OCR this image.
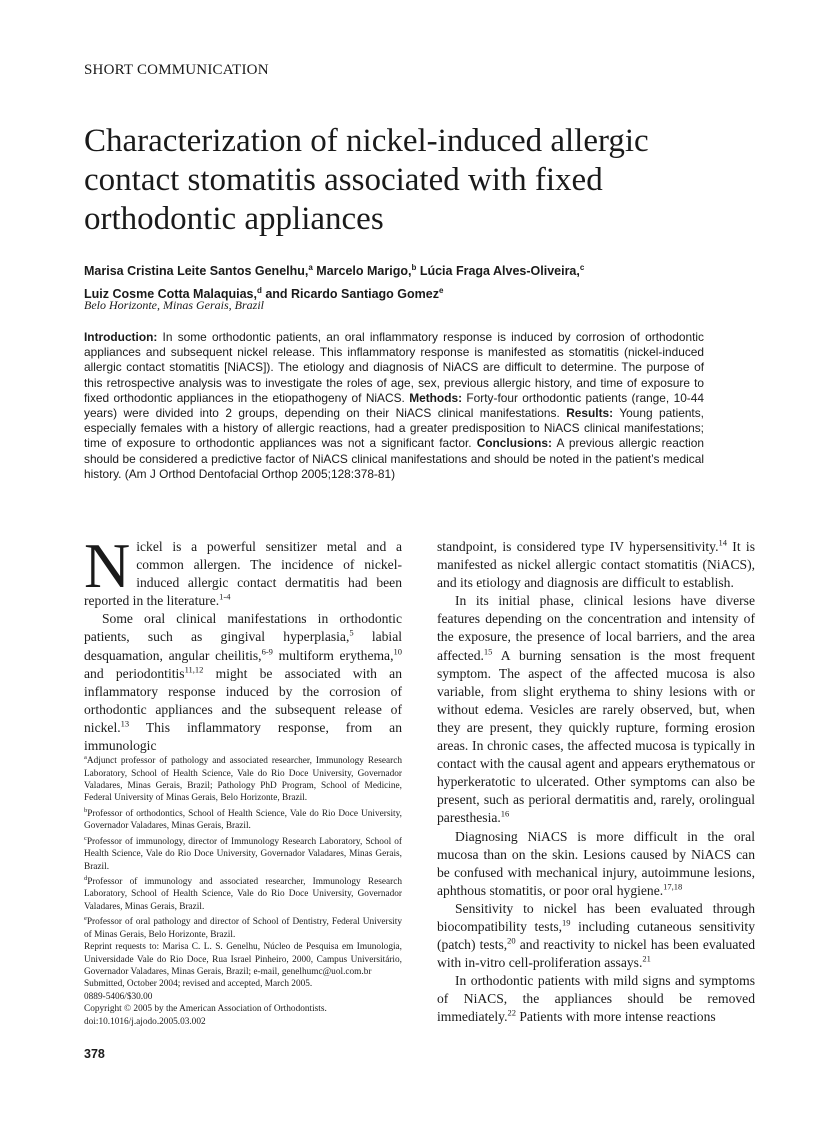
SHORT COMMUNICATION
Characterization of nickel-induced allergic
contact stomatitis associated with fixed
orthodontic appliances
Marisa Cristina Leite Santos Genelhu,$^a$ Marcelo Marigo,$^b$ Lúcia Fraga Alves-Oliveira,$^c$
Luiz Cosme Cotta Malaquias,$^d$ and Ricardo Santiago Gomez$^e$
Belo Horizonte, Minas Gerais, Brazil
Introduction: In some orthodontic patients, an oral inflammatory response is induced by corrosion of orthodontic appliances and subsequent nickel release. This inflammatory response is manifested as stomatitis (nickel-induced allergic contact stomatitis [NiACS]). The etiology and diagnosis of NiACS are difficult to determine. The purpose of this retrospective analysis was to investigate the roles of age, sex, previous allergic history, and time of exposure to fixed orthodontic appliances in the etiopathogeny of NiACS. Methods: Forty-four orthodontic patients (range, 10-44 years) were divided into 2 groups, depending on their NiACS clinical manifestations. Results: Young patients, especially females with a history of allergic reactions, had a greater predisposition to NiACS clinical manifestations; time of exposure to orthodontic appliances was not a significant factor. Conclusions: A previous allergic reaction should be considered a predictive factor of NiACS clinical manifestations and should be noted in the patient’s medical history. (Am J Orthod Dentofacial Orthop 2005;128:378-81)

Nickel is a powerful sensitizer metal and a common allergen. The incidence of nickel-induced allergic contact dermatitis had been reported in the literature.$^{1-4}$

Some oral clinical manifestations in orthodontic patients, such as gingival hyperplasia,$^5$ labial desquamation, angular cheilitis,$^{6-9}$ multiform erythema,$^{10}$ and periodontitis$^{11,12}$ might be associated with an inflammatory response induced by the corrosion of orthodontic appliances and the subsequent release of nickel.$^{13}$ This inflammatory response, from an immunologic

$^a$Adjunct professor of pathology and associated researcher, Immunology Research Laboratory, School of Health Science, Vale do Rio Doce University, Governador Valadares, Minas Gerais, Brazil; Pathology PhD Program, School of Medicine, Federal University of Minas Gerais, Belo Horizonte, Brazil.

$^b$Professor of orthodontics, School of Health Science, Vale do Rio Doce University, Governador Valadares, Minas Gerais, Brazil.

$^c$Professor of immunology, director of Immunology Research Laboratory, School of Health Science, Vale do Rio Doce University, Governador Valadares, Minas Gerais, Brazil.

$^d$Professor of immunology and associated researcher, Immunology Research Laboratory, School of Health Science, Vale do Rio Doce University, Governador Valadares, Minas Gerais, Brazil.

$^e$Professor of oral pathology and director of School of Dentistry, Federal University of Minas Gerais, Belo Horizonte, Brazil.

Reprint requests to: Marisa C. L. S. Genelhu, Núcleo de Pesquisa em Imunologia, Universidade Vale do Rio Doce, Rua Israel Pinheiro, 2000, Campus Universitário, Governador Valadares, Minas Gerais, Brazil; e-mail, genelhumc@uol.com.br

Submitted, October 2004; revised and accepted, March 2005.

0889-5406/$30.00

Copyright © 2005 by the American Association of Orthodontists.

doi:10.1016/j.ajodo.2005.03.002

standpoint, is considered type IV hypersensitivity.$^{14}$ It is manifested as nickel allergic contact stomatitis (NiACS), and its etiology and diagnosis are difficult to establish.

In its initial phase, clinical lesions have diverse features depending on the concentration and intensity of the exposure, the presence of local barriers, and the area affected.$^{15}$ A burning sensation is the most frequent symptom. The aspect of the affected mucosa is also variable, from slight erythema to shiny lesions with or without edema. Vesicles are rarely observed, but, when they are present, they quickly rupture, forming erosion areas. In chronic cases, the affected mucosa is typically in contact with the causal agent and appears erythematous or hyperkeratotic to ulcerated. Other symptoms can also be present, such as perioral dermatitis and, rarely, orolingual paresthesia.$^{16}$

Diagnosing NiACS is more difficult in the oral mucosa than on the skin. Lesions caused by NiACS can be confused with mechanical injury, autoimmune lesions, aphthous stomatitis, or poor oral hygiene.$^{17,18}$

Sensitivity to nickel has been evaluated through biocompatibility tests,$^{19}$ including cutaneous sensitivity (patch) tests,$^{20}$ and reactivity to nickel has been evaluated with in-vitro cell-proliferation assays.$^{21}$

In orthodontic patients with mild signs and symptoms of NiACS, the appliances should be removed immediately.$^{22}$ Patients with more intense reactions

378
